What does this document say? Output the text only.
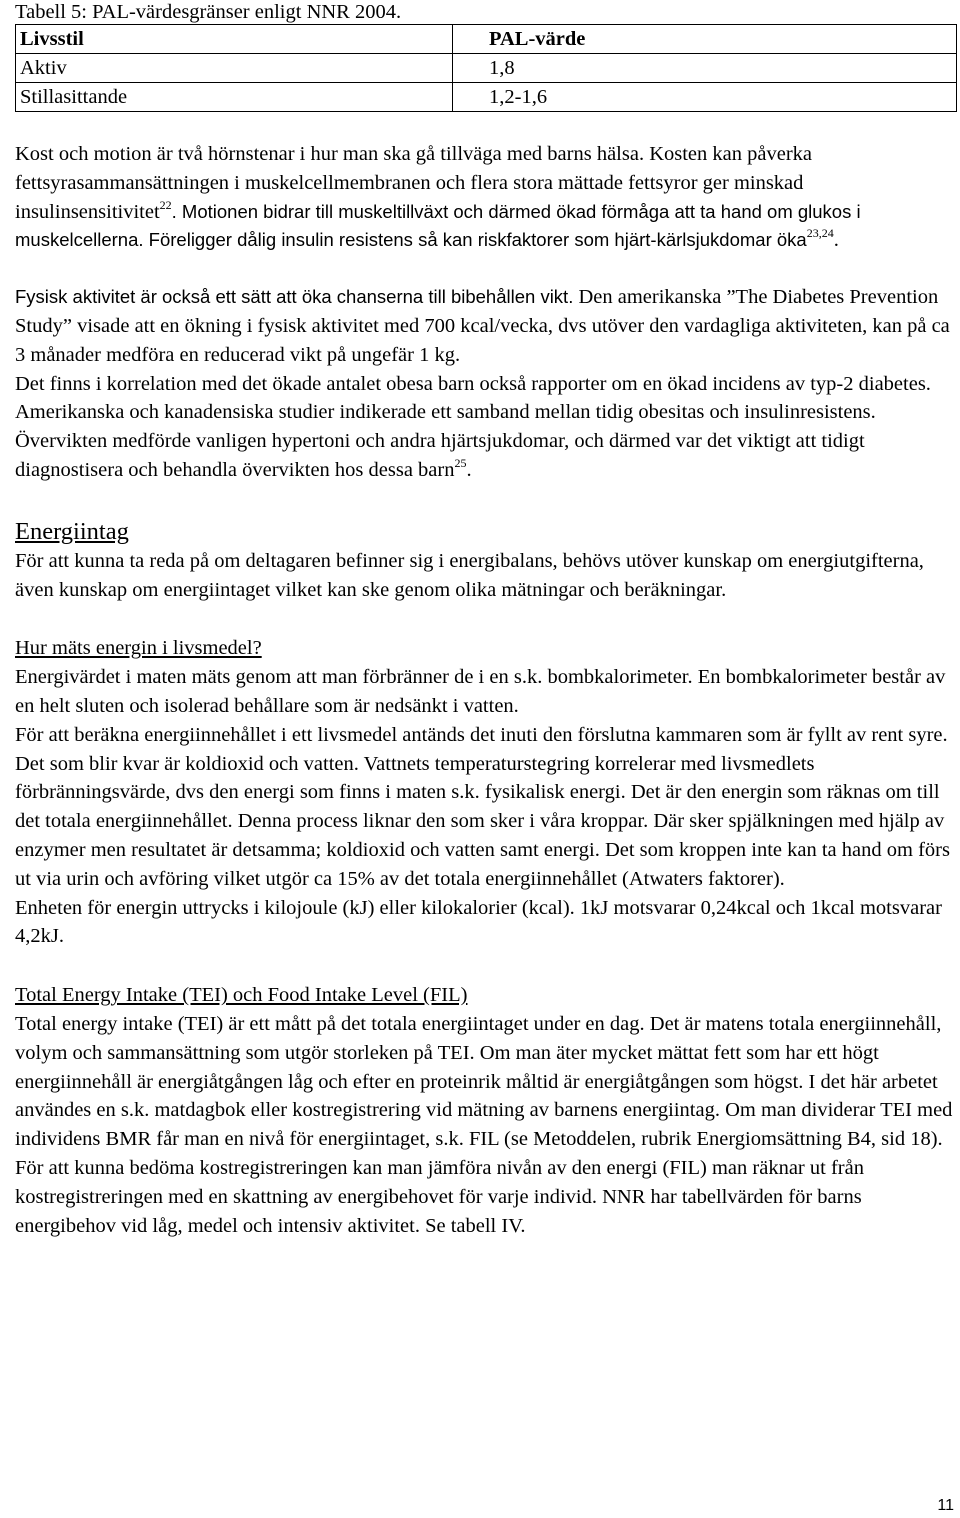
Tabell 5: PAL-värdesgränser enligt NNR 2004.

Livsstil	PAL-värde
Aktiv	1,8
Stillasittande	1,2-1,6

Kost och motion är två hörnstenar i hur man ska gå tillväga med barns hälsa. Kosten kan påverka fettsyrasammansättningen i muskelcellmembranen och flera stora mättade fettsyror ger minskad insulinsensitivitet$^{22}$. Motionen bidrar till muskeltillväxt och därmed ökad förmåga att ta hand om glukos i muskelcellerna. Föreligger dålig insulin resistens så kan riskfaktorer som hjärt-kärlsjukdomar öka$^{23,24}$.

Fysisk aktivitet är också ett sätt att öka chanserna till bibehållen vikt. Den amerikanska ”The Diabetes Prevention Study” visade att en ökning i fysisk aktivitet med 700 kcal/vecka, dvs utöver den vardagliga aktiviteten, kan på ca 3 månader medföra en reducerad vikt på ungefär 1 kg.

Det finns i korrelation med det ökade antalet obesa barn också rapporter om en ökad incidens av typ-2 diabetes. Amerikanska och kanadensiska studier indikerade ett samband mellan tidig obesitas och insulinresistens. Övervikten medförde vanligen hypertoni och andra hjärtsjukdomar, och därmed var det viktigt att tidigt diagnostisera och behandla övervikten hos dessa barn$^{25}$.

Energiintag

För att kunna ta reda på om deltagaren befinner sig i energibalans, behövs utöver kunskap om energiutgifterna, även kunskap om energiintaget vilket kan ske genom olika mätningar och beräkningar.

Hur mäts energin i livsmedel?

Energivärdet i maten mäts genom att man förbränner de i en s.k. bombkalorimeter. En bombkalorimeter består av en helt sluten och isolerad behållare som är nedsänkt i vatten.

För att beräkna energiinnehållet i ett livsmedel antänds det inuti den förslutna kammaren som är fyllt av rent syre. Det som blir kvar är koldioxid och vatten. Vattnets temperaturstegring korrelerar med livsmedlets förbränningsvärde, dvs den energi som finns i maten s.k. fysikalisk energi. Det är den energin som räknas om till det totala energiinnehållet. Denna process liknar den som sker i våra kroppar. Där sker spjälkningen med hjälp av enzymer men resultatet är detsamma; koldioxid och vatten samt energi. Det som kroppen inte kan ta hand om förs ut via urin och avföring vilket utgör ca 15% av det totala energiinnehållet (Atwaters faktorer).

Enheten för energin uttrycks i kilojoule (kJ) eller kilokalorier (kcal). 1kJ motsvarar 0,24kcal och 1kcal motsvarar 4,2kJ.

Total Energy Intake (TEI) och Food Intake Level (FIL)

Total energy intake (TEI) är ett mått på det totala energiintaget under en dag. Det är matens totala energiinnehåll, volym och sammansättning som utgör storleken på TEI. Om man äter mycket mättat fett som har ett högt energiinnehåll är energiåtgången låg och efter en proteinrik måltid är energiåtgången som högst. I det här arbetet användes en s.k. matdagbok eller kostregistrering vid mätning av barnens energiintag. Om man dividerar TEI med individens BMR får man en nivå för energiintaget, s.k. FIL (se Metoddelen, rubrik Energiomsättning B4, sid 18). För att kunna bedöma kostregistreringen kan man jämföra nivån av den energi (FIL) man räknar ut från kostregistreringen med en skattning av energibehovet för varje individ. NNR har tabellvärden för barns energibehov vid låg, medel och intensiv aktivitet. Se tabell IV.

11
